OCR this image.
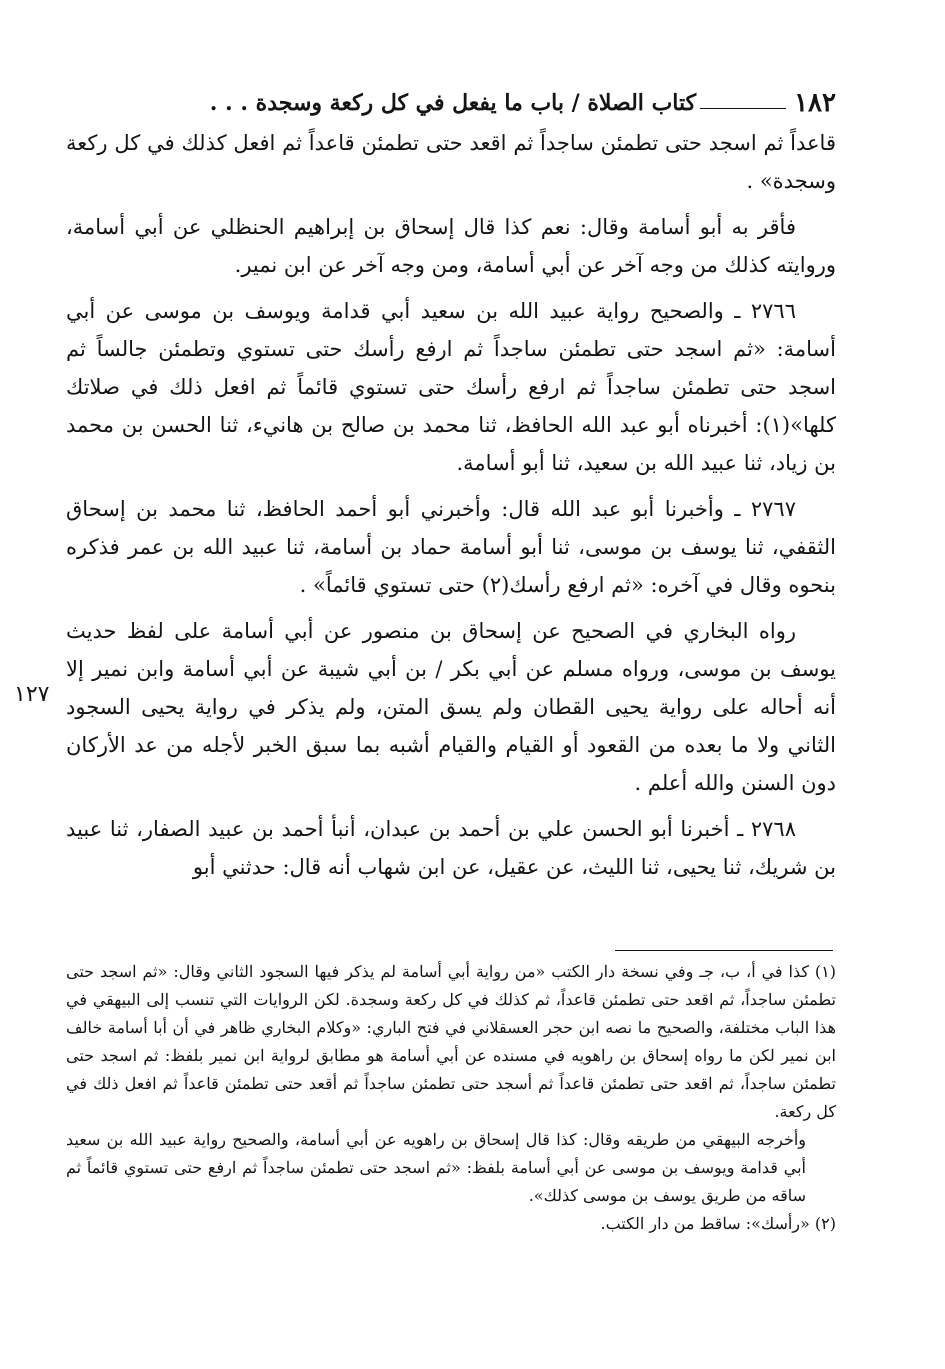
١٨٢
كتاب الصلاة / باب ما يفعل في كل ركعة وسجدة . . .

قاعداً ثم اسجد حتى تطمئن ساجداً ثم اقعد حتى تطمئن قاعداً ثم افعل كذلك في كل ركعة وسجدة» .

فأقر به أبو أسامة وقال: نعم كذا قال إسحاق بن إبراهيم الحنظلي عن أبي أسامة، وروايته كذلك من وجه آخر عن أبي أسامة، ومن وجه آخر عن ابن نمير.

٢٧٦٦ ـ والصحيح رواية عبيد الله بن سعيد أبي قدامة ويوسف بن موسى عن أبي أسامة: «ثم اسجد حتى تطمئن ساجداً ثم ارفع رأسك حتى تستوي وتطمئن جالساً ثم اسجد حتى تطمئن ساجداً ثم ارفع رأسك حتى تستوي قائماً ثم افعل ذلك في صلاتك كلها»(١): أخبرناه أبو عبد الله الحافظ، ثنا محمد بن صالح بن هانيء، ثنا الحسن بن محمد بن زياد، ثنا عبيد الله بن سعيد، ثنا أبو أسامة.

٢٧٦٧ ـ وأخبرنا أبو عبد الله قال: وأخبرني أبو أحمد الحافظ، ثنا محمد بن إسحاق الثقفي، ثنا يوسف بن موسى، ثنا أبو أسامة حماد بن أسامة، ثنا عبيد الله بن عمر فذكره بنحوه وقال في آخره: «ثم ارفع رأسك(٢) حتى تستوي قائماً» .

رواه البخاري في الصحيح عن إسحاق بن منصور عن أبي أسامة على لفظ حديث يوسف بن موسى، ورواه مسلم عن أبي بكر / بن أبي شيبة عن أبي أسامة وابن نمير إلا أنه أحاله على رواية يحيى القطان ولم يسق المتن، ولم يذكر في رواية يحيى السجود الثاني ولا ما بعده من القعود أو القيام والقيام أشبه بما سبق الخبر لأجله من عد الأركان دون السنن والله أعلم .

٢٧٦٨ ـ أخبرنا أبو الحسن علي بن أحمد بن عبدان، أنبأ أحمد بن عبيد الصفار، ثنا عبيد بن شريك، ثنا يحيى، ثنا الليث، عن عقيل، عن ابن شهاب أنه قال: حدثني أبو

١٢٧

(١) كذا في أ، ب، جـ وفي نسخة دار الكتب «من رواية أبي أسامة لم يذكر فيها السجود الثاني وقال: «ثم اسجد حتى تطمئن ساجداً، ثم اقعد حتى تطمئن قاعداً، ثم كذلك في كل ركعة وسجدة. لكن الروايات التي تنسب إلى البيهقي في هذا الباب مختلفة، والصحيح ما نصه ابن حجر العسقلاني في فتح الباري: «وكلام البخاري ظاهر في أن أبا أسامة خالف ابن نمير لكن ما رواه إسحاق بن راهويه في مسنده عن أبي أسامة هو مطابق لرواية ابن نمير بلفظ: ثم اسجد حتى تطمئن ساجداً، ثم اقعد حتى تطمئن قاعداً ثم أسجد حتى تطمئن ساجداً ثم أقعد حتى تطمئن قاعداً ثم افعل ذلك في كل ركعة.

وأخرجه البيهقي من طريقه وقال: كذا قال إسحاق بن راهويه عن أبي أسامة، والصحيح رواية عبيد الله بن سعيد أبي قدامة ويوسف بن موسى عن أبي أسامة بلفظ: «ثم اسجد حتى تطمئن ساجداً ثم ارفع حتى تستوي قائماً ثم ساقه من طريق يوسف بن موسى كذلك».

(٢) «رأسك»: ساقط من دار الكتب.
